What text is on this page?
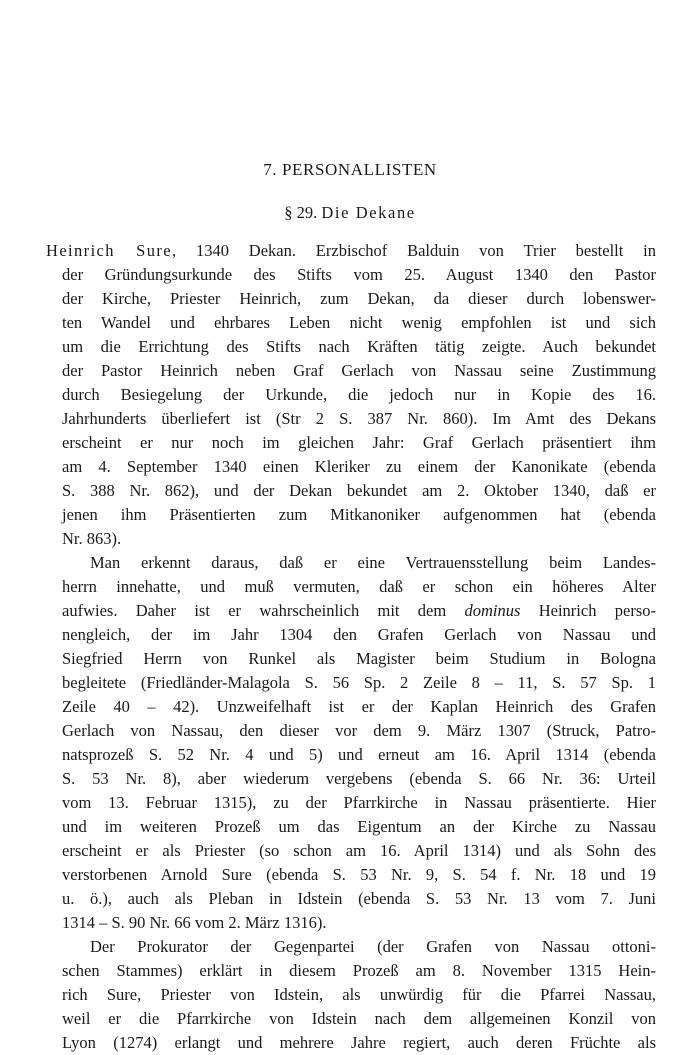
7. PERSONALLISTEN
§ 29. Die Dekane
Heinrich Sure, 1340 Dekan. Erzbischof Balduin von Trier bestellt in
der Gründungsurkunde des Stifts vom 25. August 1340 den Pastor
der Kirche, Priester Heinrich, zum Dekan, da dieser durch lobenswer-
ten Wandel und ehrbares Leben nicht wenig empfohlen ist und sich
um die Errichtung des Stifts nach Kräften tätig zeigte. Auch bekundet
der Pastor Heinrich neben Graf Gerlach von Nassau seine Zustimmung
durch Besiegelung der Urkunde, die jedoch nur in Kopie des 16.
Jahrhunderts überliefert ist (Str 2 S. 387 Nr. 860). Im Amt des Dekans
erscheint er nur noch im gleichen Jahr: Graf Gerlach präsentiert ihm
am 4. September 1340 einen Kleriker zu einem der Kanonikate (ebenda
S. 388 Nr. 862), und der Dekan bekundet am 2. Oktober 1340, daß er
jenen ihm Präsentierten zum Mitkanoniker aufgenommen hat (ebenda
Nr. 863).
Man erkennt daraus, daß er eine Vertrauensstellung beim Landes-
herrn innehatte, und muß vermuten, daß er schon ein höheres Alter
aufwies. Daher ist er wahrscheinlich mit dem dominus Heinrich perso-
nengleich, der im Jahr 1304 den Grafen Gerlach von Nassau und
Siegfried Herrn von Runkel als Magister beim Studium in Bologna
begleitete (Friedländer-Malagola S. 56 Sp. 2 Zeile 8 – 11, S. 57 Sp. 1
Zeile 40 – 42). Unzweifelhaft ist er der Kaplan Heinrich des Grafen
Gerlach von Nassau, den dieser vor dem 9. März 1307 (Struck, Patro-
natsprozeß S. 52 Nr. 4 und 5) und erneut am 16. April 1314 (ebenda
S. 53 Nr. 8), aber wiederum vergebens (ebenda S. 66 Nr. 36: Urteil
vom 13. Februar 1315), zu der Pfarrkirche in Nassau präsentierte. Hier
und im weiteren Prozeß um das Eigentum an der Kirche zu Nassau
erscheint er als Priester (so schon am 16. April 1314) und als Sohn des
verstorbenen Arnold Sure (ebenda S. 53 Nr. 9, S. 54 f. Nr. 18 und 19
u. ö.), auch als Pleban in Idstein (ebenda S. 53 Nr. 13 vom 7. Juni
1314 – S. 90 Nr. 66 vom 2. März 1316).
Der Prokurator der Gegenpartei (der Grafen von Nassau ottoni-
schen Stammes) erklärt in diesem Prozeß am 8. November 1315 Hein-
rich Sure, Priester von Idstein, als unwürdig für die Pfarrei Nassau,
weil er die Pfarrkirche von Idstein nach dem allgemeinen Konzil von
Lyon (1274) erlangt und mehrere Jahre regiert, auch deren Früchte als
